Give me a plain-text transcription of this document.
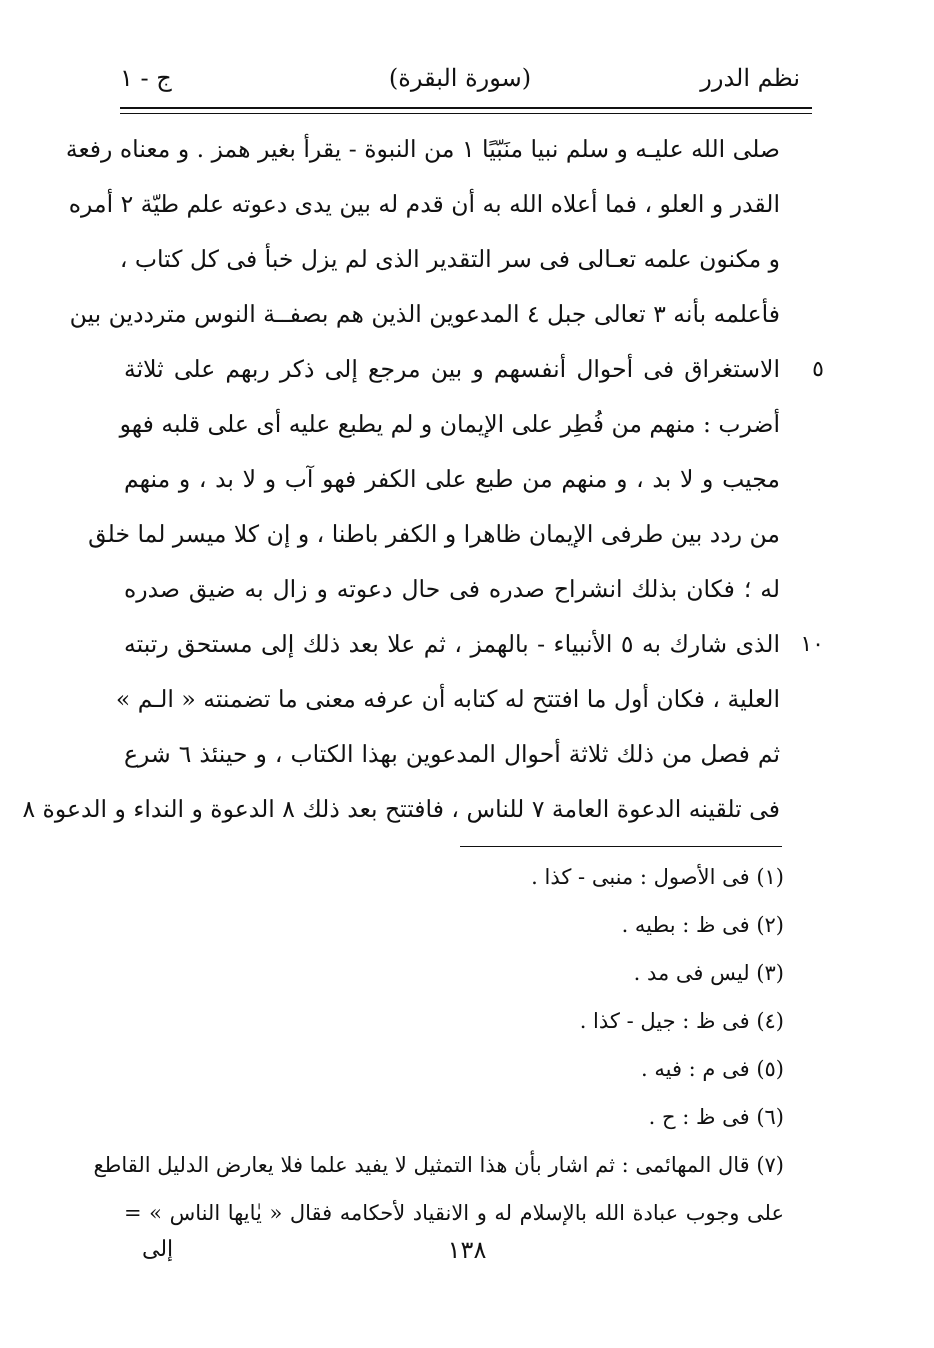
نظم الدرر
(سورة البقرة)
ج - ١
صلى الله عليـه و سلم نبيا منَبّيًا ١ من النبوة - يقرأ بغير همز . و معناه رفعة
القدر و العلو ، فما أعلاه الله به أن قدم له بين يدى دعوته علم طيّة ٢ أمره
و مكنون علمه تعـالى فى سر التقدير الذى لم يزل خبأ فى كل كتاب ،
فأعلمه بأنه ٣ تعالى جبل ٤ المدعوين الذين هم بصفــة النوس مترددين بين
٥
الاستغراق فى أحوال أنفسهم و بين مرجع إلى ذكر ربهم على ثلاثة
أضرب : منهم من فُطِر على الإيمان و لم يطبع عليه أى على قلبه فهو
مجيب و لا بد ، و منهم من طبع على الكفر فهو آب و لا بد ، و منهم
من ردد بين طرفى الإيمان ظاهرا و الكفر باطنا ، و إن كلا ميسر لما خلق
له ؛ فكان بذلك انشراح صدره فى حال دعوته و زال به ضيق صدره
١٠
الذى شارك به ٥ الأنبياء - بالهمز ، ثم علا بعد ذلك إلى مستحق رتبته
العلية ، فكان أول ما افتتح له كتابه أن عرفه معنى ما تضمنته « الـم »
ثم فصل من ذلك ثلاثة أحوال المدعوين بهذا الكتاب ، و حينئذ ٦ شرع
فى تلقينه الدعوة العامة ٧ للناس ، فافتتح بعد ذلك ٨ الدعوة و النداء و الدعوة ٨
(١) فى الأصول : منبى - كذا .
(٢) فى ظ : بطيه .
(٣) ليس فى مد .
(٤) فى ظ : جيل - كذا .
(٥) فى م : فيه .
(٦) فى ظ : ح .
(٧) قال المهائمى : ثم اشار بأن هذا التمثيل لا يفيد علما فلا يعارض الدليل القاطع
على وجوب عبادة الله بالإسلام له و الانقياد لأحكامه فقال « يٰايها الناس » =
١٣٨
إلى
